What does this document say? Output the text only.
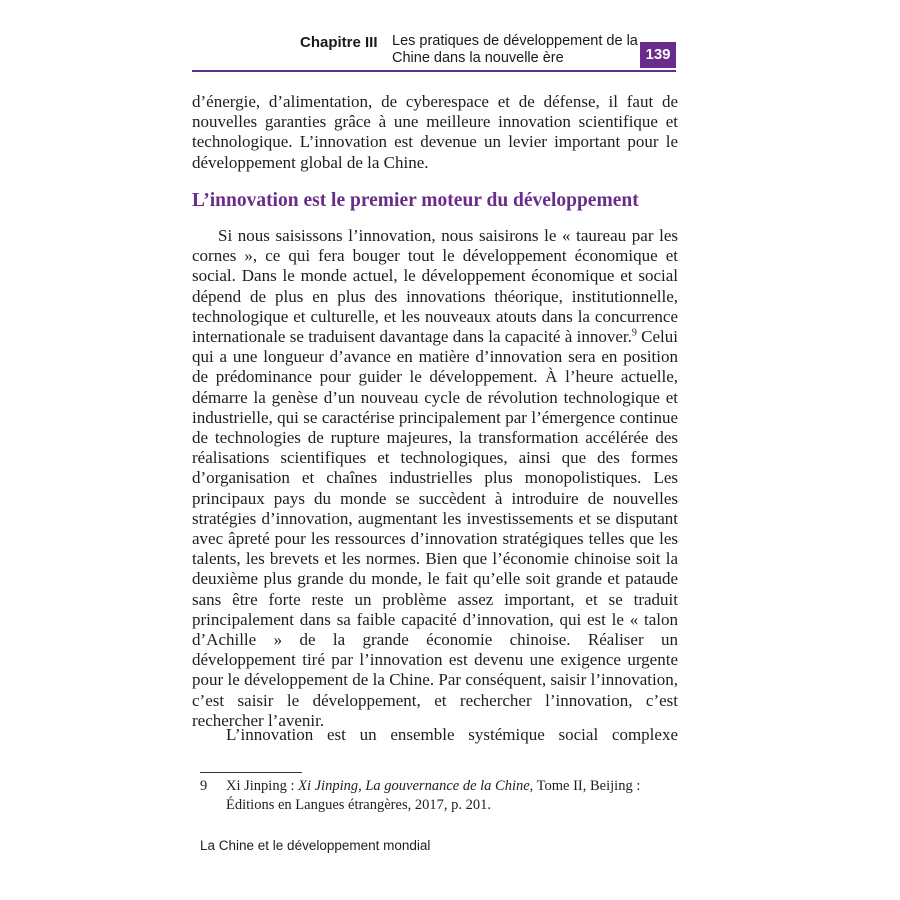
Chapitre III Les pratiques de développement de la
Chine dans la nouvelle ère	139

d’énergie, d’alimentation, de cyberespace et de défense, il faut de nouvelles garanties grâce à une meilleure innovation scientifique et technologique. L’innovation est devenue un levier important pour le développement global de la Chine.

L’innovation est le premier moteur du développement

Si nous saisissons l’innovation, nous saisirons le « taureau par les cornes », ce qui fera bouger tout le développement économique et social. Dans le monde actuel, le développement économique et social dépend de plus en plus des innovations théorique, institutionnelle, technologique et culturelle, et les nouveaux atouts dans la concurrence internationale se traduisent davantage dans la capacité à innover.$^9$ Celui qui a une longueur d’avance en matière d’innovation sera en position de prédominance pour guider le développement. À l’heure actuelle, démarre la genèse d’un nouveau cycle de révolution technologique et industrielle, qui se caractérise principalement par l’émergence continue de technologies de rupture majeures, la transformation accélérée des réalisations scientifiques et technologiques, ainsi que des formes d’organisation et chaînes industrielles plus monopolistiques. Les principaux pays du monde se succèdent à introduire de nouvelles stratégies d’innovation, augmentant les investissements et se disputant avec âpreté pour les ressources d’innovation stratégiques telles que les talents, les brevets et les normes. Bien que l’économie chinoise soit la deuxième plus grande du monde, le fait qu’elle soit grande et pataude sans être forte reste un problème assez important, et se traduit principalement dans sa faible capacité d’innovation, qui est le « talon d’Achille » de la grande économie chinoise. Réaliser un développement tiré par l’innovation est devenu une exigence urgente pour le développement de la Chine. Par conséquent, saisir l’innovation, c’est saisir le développement, et rechercher l’innovation, c’est rechercher l’avenir.

L’innovation est un ensemble systémique social complexe

9 Xi Jinping : Xi Jinping, La gouvernance de la Chine, Tome II, Beijing : Éditions en Langues étrangères, 2017, p. 201.
La Chine et le développement mondial
